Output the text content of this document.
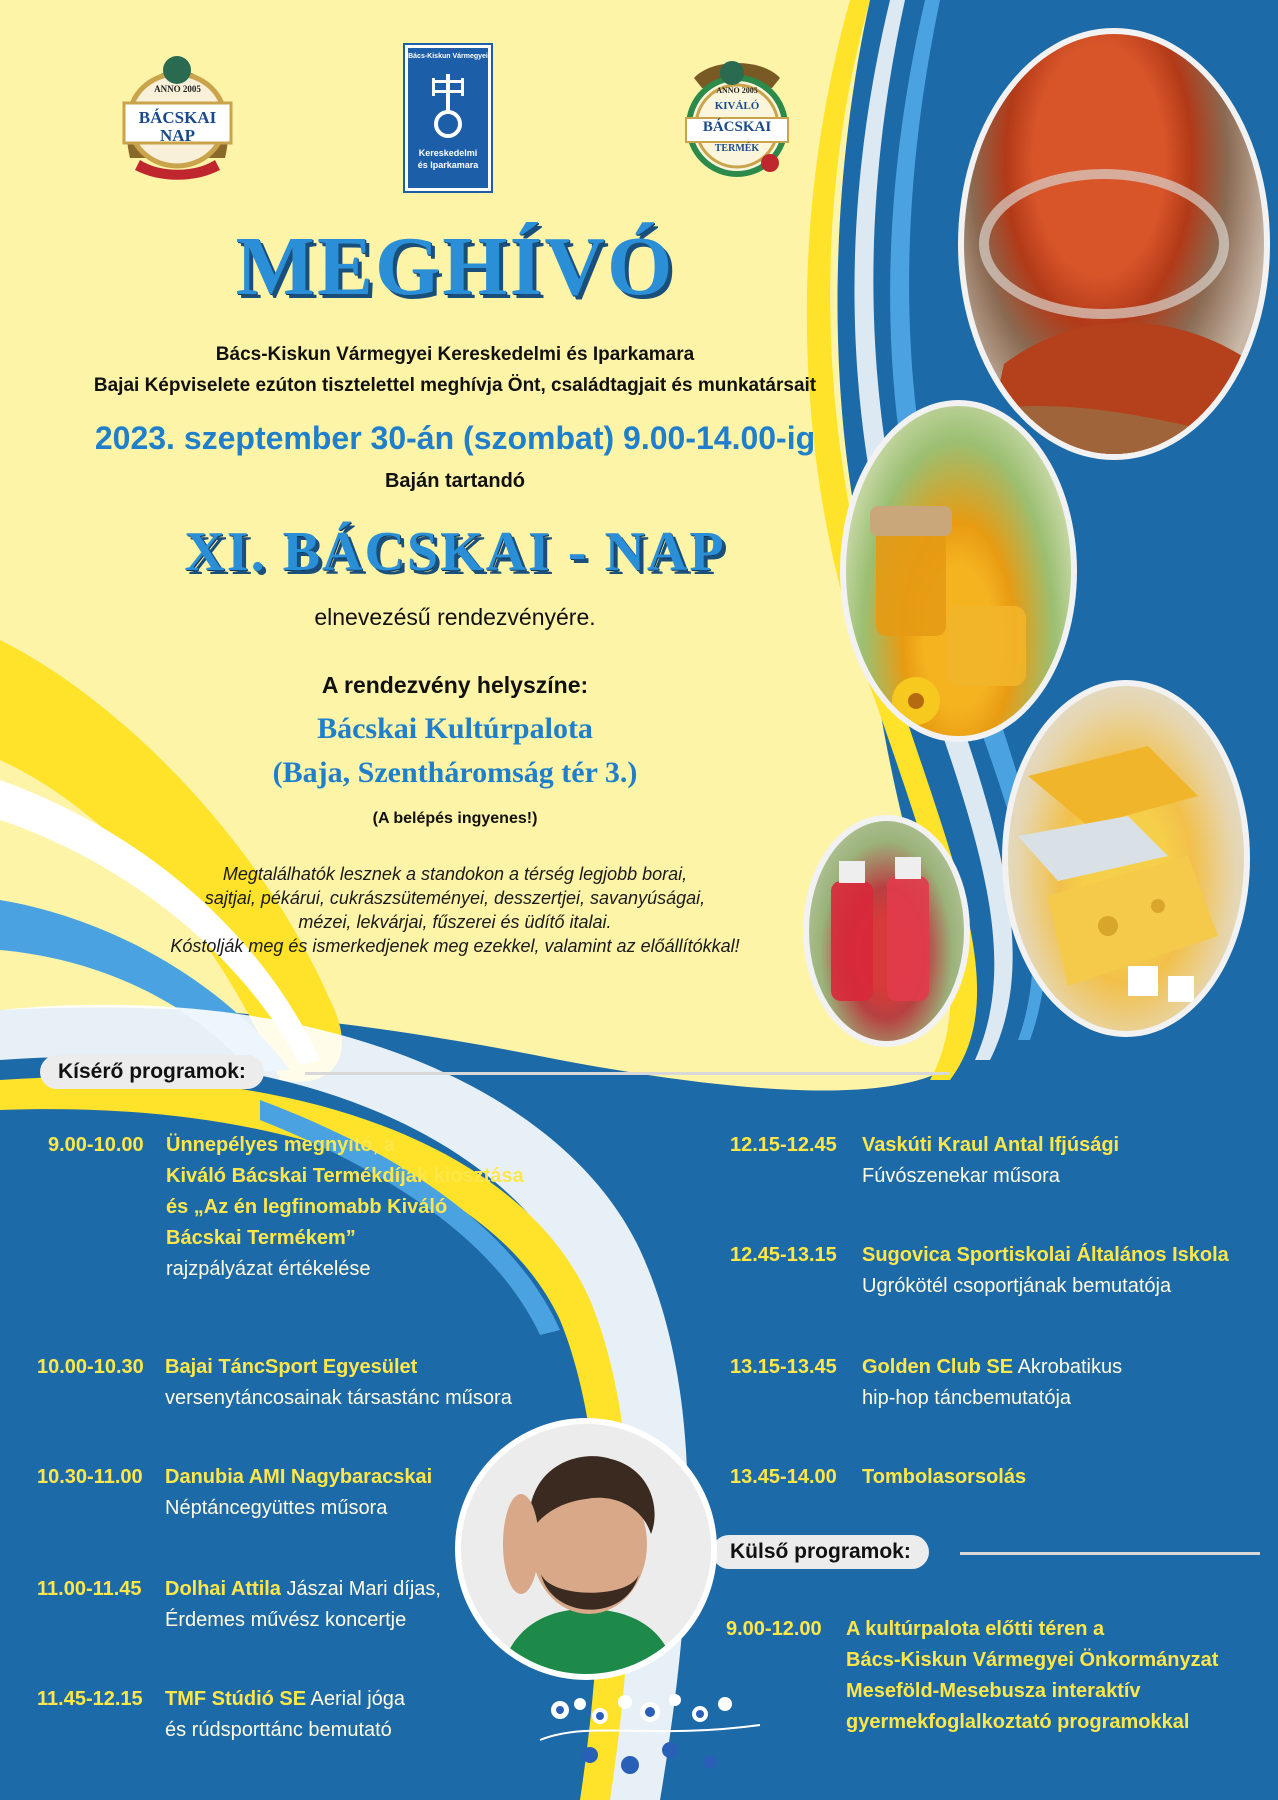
ANNO 2005
BÁCSKAI
NAP
Bács-Kiskun Vármegyei
Kereskedelmi
és Iparkamara
ANNO 2005
KIVÁLÓ
BÁCSKAI
TERMÉK
MEGHÍVÓ
Bács-Kiskun Vármegyei Kereskedelmi és Iparkamara
Bajai Képviselete ezúton tisztelettel meghívja Önt, családtagjait és munkatársait
2023. szeptember 30-án (szombat) 9.00-14.00-ig
Baján tartandó
XI. BÁCSKAI - NAP
elnevezésű rendezvényére.
A rendezvény helyszíne:
Bácskai Kultúrpalota
(Baja, Szentháromság tér 3.)
(A belépés ingyenes!)
Megtalálhatók lesznek a standokon a térség legjobb borai,
sajtjai, pékárui, cukrászsüteményei, desszertjei, savanyúságai,
mézei, lekvárjai, fűszerei és üdítő italai.
Kóstolják meg és ismerkedjenek meg ezekkel, valamint az előállítókkal!
Kísérő programok:
Külső programok:
9.00-10.00 Ünnepélyes megnyitó, a
Kiváló Bácskai Termékdíjak kiosztása
és „Az én legfinomabb Kiváló
Bácskai Termékem”
rajzpályázat értékelése
10.00-10.30 Bajai TáncSport Egyesület
versenytáncosainak társastánc műsora
10.30-11.00 Danubia AMI Nagybaracskai
Néptáncegyüttes műsora
11.00-11.45 Dolhai Attila Jászai Mari díjas,
Érdemes művész koncertje
11.45-12.15 TMF Stúdió SE Aerial jóga
és rúdsporttánc bemutató
12.15-12.45 Vaskúti Kraul Antal Ifjúsági
Fúvószenekar műsora
12.45-13.15 Sugovica Sportiskolai Általános Iskola
Ugrókötél csoportjának bemutatója
13.15-13.45 Golden Club SE Akrobatikus
hip-hop táncbemutatója
13.45-14.00 Tombolasorsolás
9.00-12.00 A kultúrpalota előtti téren a
Bács-Kiskun Vármegyei Önkormányzat
Meseföld-Mesebusza interaktív
gyermekfoglalkoztató programokkal
